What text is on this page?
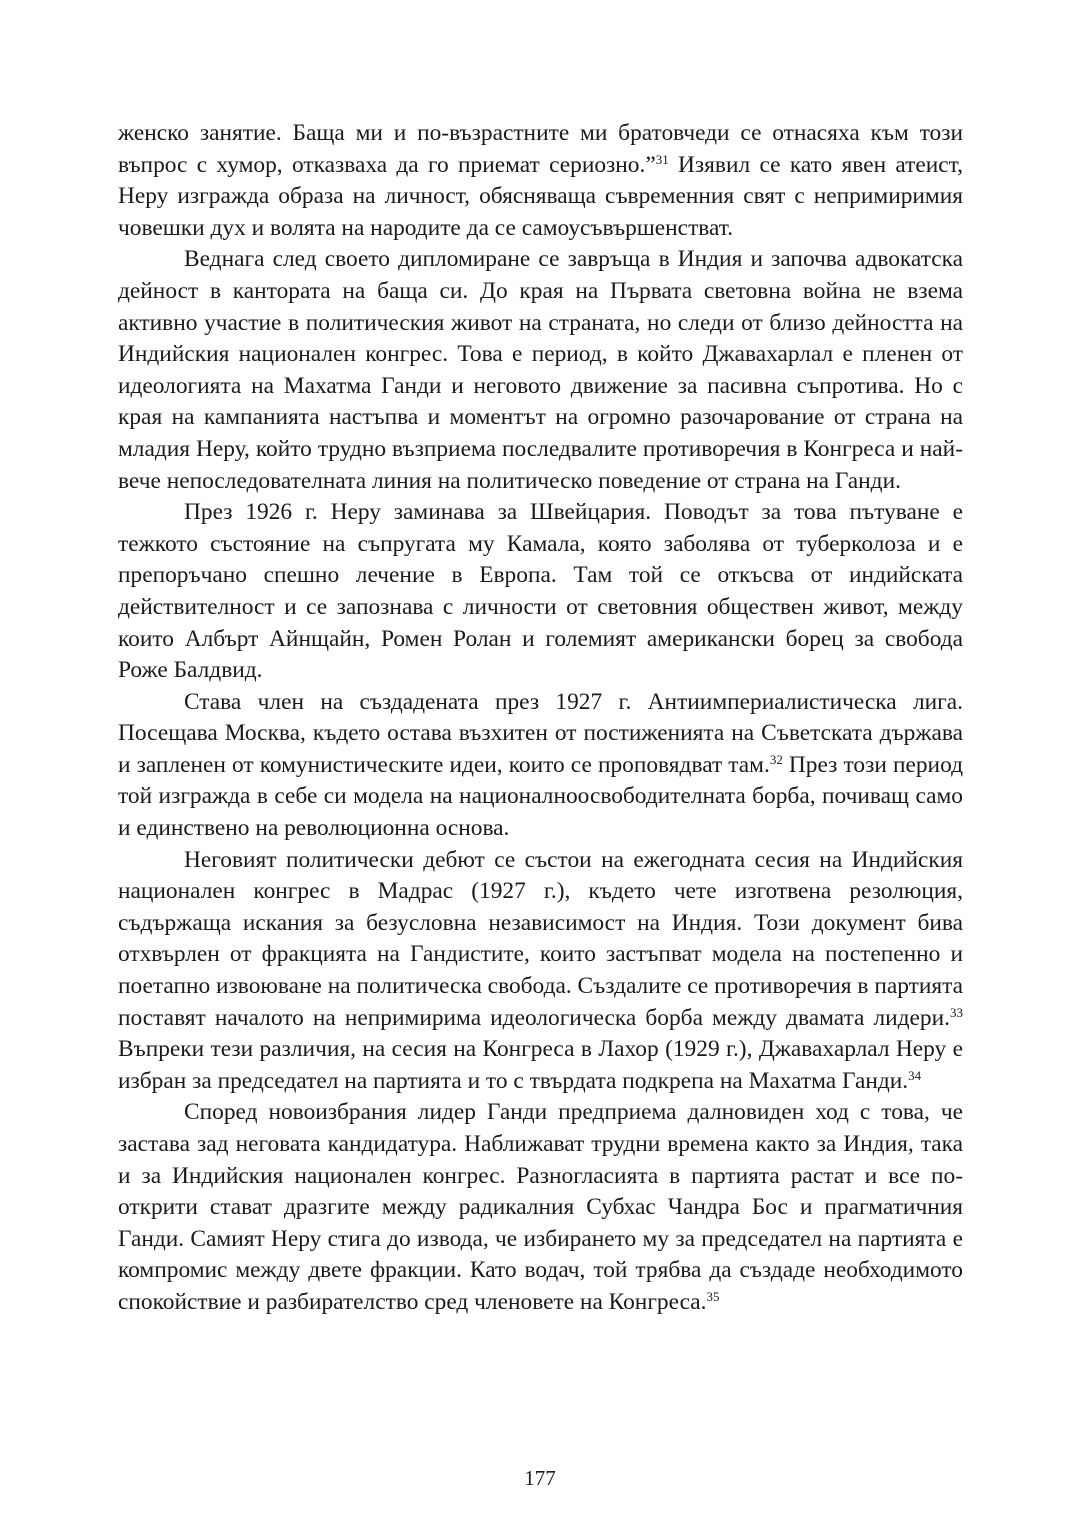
женско занятие. Баща ми и по-възрастните ми братовчеди се отнасяха към този въпрос с хумор, отказваха да го приемат сериозно.”$^{31}$ Изявил се като явен атеист, Неру изгражда образа на личност, обясняваща съвременния свят с непримиримия човешки дух и волята на народите да се самоусъвършенстват.

Веднага след своето дипломиране се завръща в Индия и започва адвокатска дейност в кантората на баща си. До края на Първата световна война не взема активно участие в политическия живот на страната, но следи от близо дейността на Индийския национален конгрес. Това е период, в който Джавахарлал е пленен от идеологията на Махатма Ганди и неговото движение за пасивна съпротива. Но с края на кампанията настъпва и моментът на огромно разочарование от страна на младия Неру, който трудно възприема последвалите противоречия в Конгреса и най-вече непоследователната линия на политическо поведение от страна на Ганди.

През 1926 г. Неру заминава за Швейцария. Поводът за това пътуване е тежкото състояние на съпругата му Камала, която заболява от туберколоза и е препоръчано спешно лечение в Европа. Там той се откъсва от индийската действителност и се запознава с личности от световния обществен живот, между които Албърт Айнщайн, Ромен Ролан и големият американски борец за свобода Роже Балдвид.

Става член на създадената през 1927 г. Антиимпериалистическа лига. Посещава Москва, където остава възхитен от постиженията на Съветската държава и запленен от комунистическите идеи, които се проповядват там.$^{32}$ През този период той изгражда в себе си модела на националноосвободителната борба, почиващ само и единствено на революционна основа.

Неговият политически дебют се състои на ежегодната сесия на Индийския национален конгрес в Мадрас (1927 г.), където чете изготвена резолюция, съдържаща искания за безусловна независимост на Индия. Този документ бива отхвърлен от фракцията на Гандистите, които застъпват модела на постепенно и поетапно извоюване на политическа свобода. Създалите се противоречия в партията поставят началото на непримирима идеологическа борба между двамата лидери.$^{33}$ Въпреки тези различия, на сесия на Конгреса в Лахор (1929 г.), Джавахарлал Неру е избран за председател на партията и то с твърдата подкрепа на Махатма Ганди.$^{34}$

Според новоизбрания лидер Ганди предприема далновиден ход с това, че застава зад неговата кандидатура. Наближават трудни времена както за Индия, така и за Индийския национален конгрес. Разногласията в партията растат и все по-открити стават дразгите между радикалния Субхас Чандра Бос и прагматичния Ганди. Самият Неру стига до извода, че избирането му за председател на партията е компромис между двете фракции. Като водач, той трябва да създаде необходимото спокойствие и разбирателство сред членовете на Конгреса.$^{35}$

177
